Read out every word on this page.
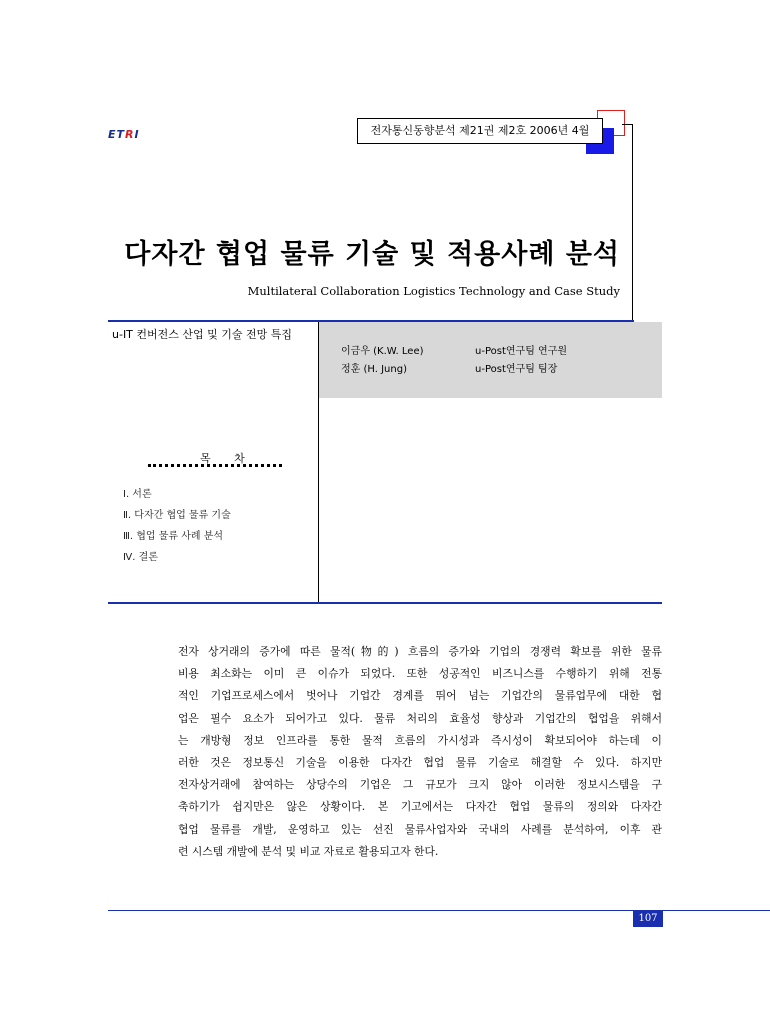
ETRI	전자통신동향분석 제21권 제2호 2006년 4월
다자간 협업 물류 기술 및 적용사례 분석
Multilateral Collaboration Logistics Technology and Case Study
u-IT 컨버전스 산업 및 기술 전망 특집
이금우 (K.W. Lee)
정훈 (H. Jung)
u-Post연구팀 연구원
u-Post연구팀 팀장
목 차
Ⅰ. 서론
Ⅱ. 다자간 협업 물류 기술
Ⅲ. 협업 물류 사례 분석
Ⅳ. 결론

전자 상거래의 증가에 따른 물적(物的) 흐름의 증가와 기업의 경쟁력 확보를 위한 물류
비용 최소화는 이미 큰 이슈가 되었다. 또한 성공적인 비즈니스를 수행하기 위해 전통
적인 기업프로세스에서 벗어나 기업간 경계를 뛰어 넘는 기업간의 물류업무에 대한 협
업은 필수 요소가 되어가고 있다. 물류 처리의 효율성 향상과 기업간의 협업을 위해서
는 개방형 정보 인프라를 통한 물적 흐름의 가시성과 즉시성이 확보되어야 하는데 이
러한 것은 정보통신 기술을 이용한 다자간 협업 물류 기술로 해결할 수 있다. 하지만
전자상거래에 참여하는 상당수의 기업은 그 규모가 크지 않아 이러한 정보시스템을 구
축하기가 쉽지만은 않은 상황이다. 본 기고에서는 다자간 협업 물류의 정의와 다자간
협업 물류를 개발, 운영하고 있는 선진 물류사업자와 국내의 사례를 분석하여, 이후 관
련 시스템 개발에 분석 및 비교 자료로 활용되고자 한다.

107
